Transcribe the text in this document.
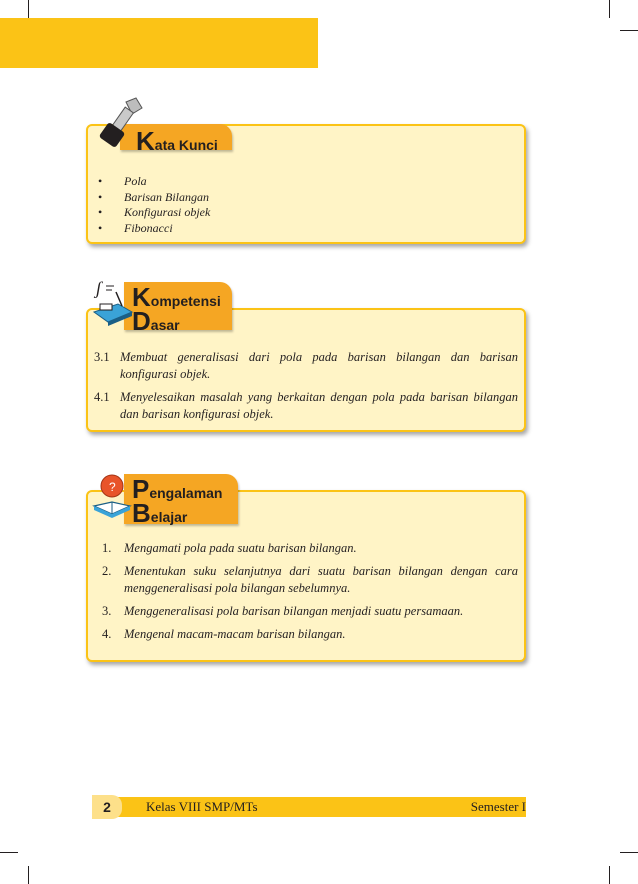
Kata Kunci
• Pola
• Barisan Bilangan
• Konfigurasi objek
• Fibonacci
ʃ Kompetensi
Dasar
3.1 Membuat generalisasi dari pola pada barisan bilangan dan barisan konfigurasi objek.
4.1 Menyelesaikan masalah yang berkaitan dengan pola pada barisan bilangan dan barisan konfigurasi objek.
? Pengalaman
Belajar
1. Mengamati pola pada suatu barisan bilangan.
2. Menentukan suku selanjutnya dari suatu barisan bilangan dengan cara menggeneralisasi pola bilangan sebelumnya.
3. Menggeneralisasi pola barisan bilangan menjadi suatu persamaan.
4. Mengenal macam-macam barisan bilangan.
2	Kelas VIII SMP/MTs	Semester I
